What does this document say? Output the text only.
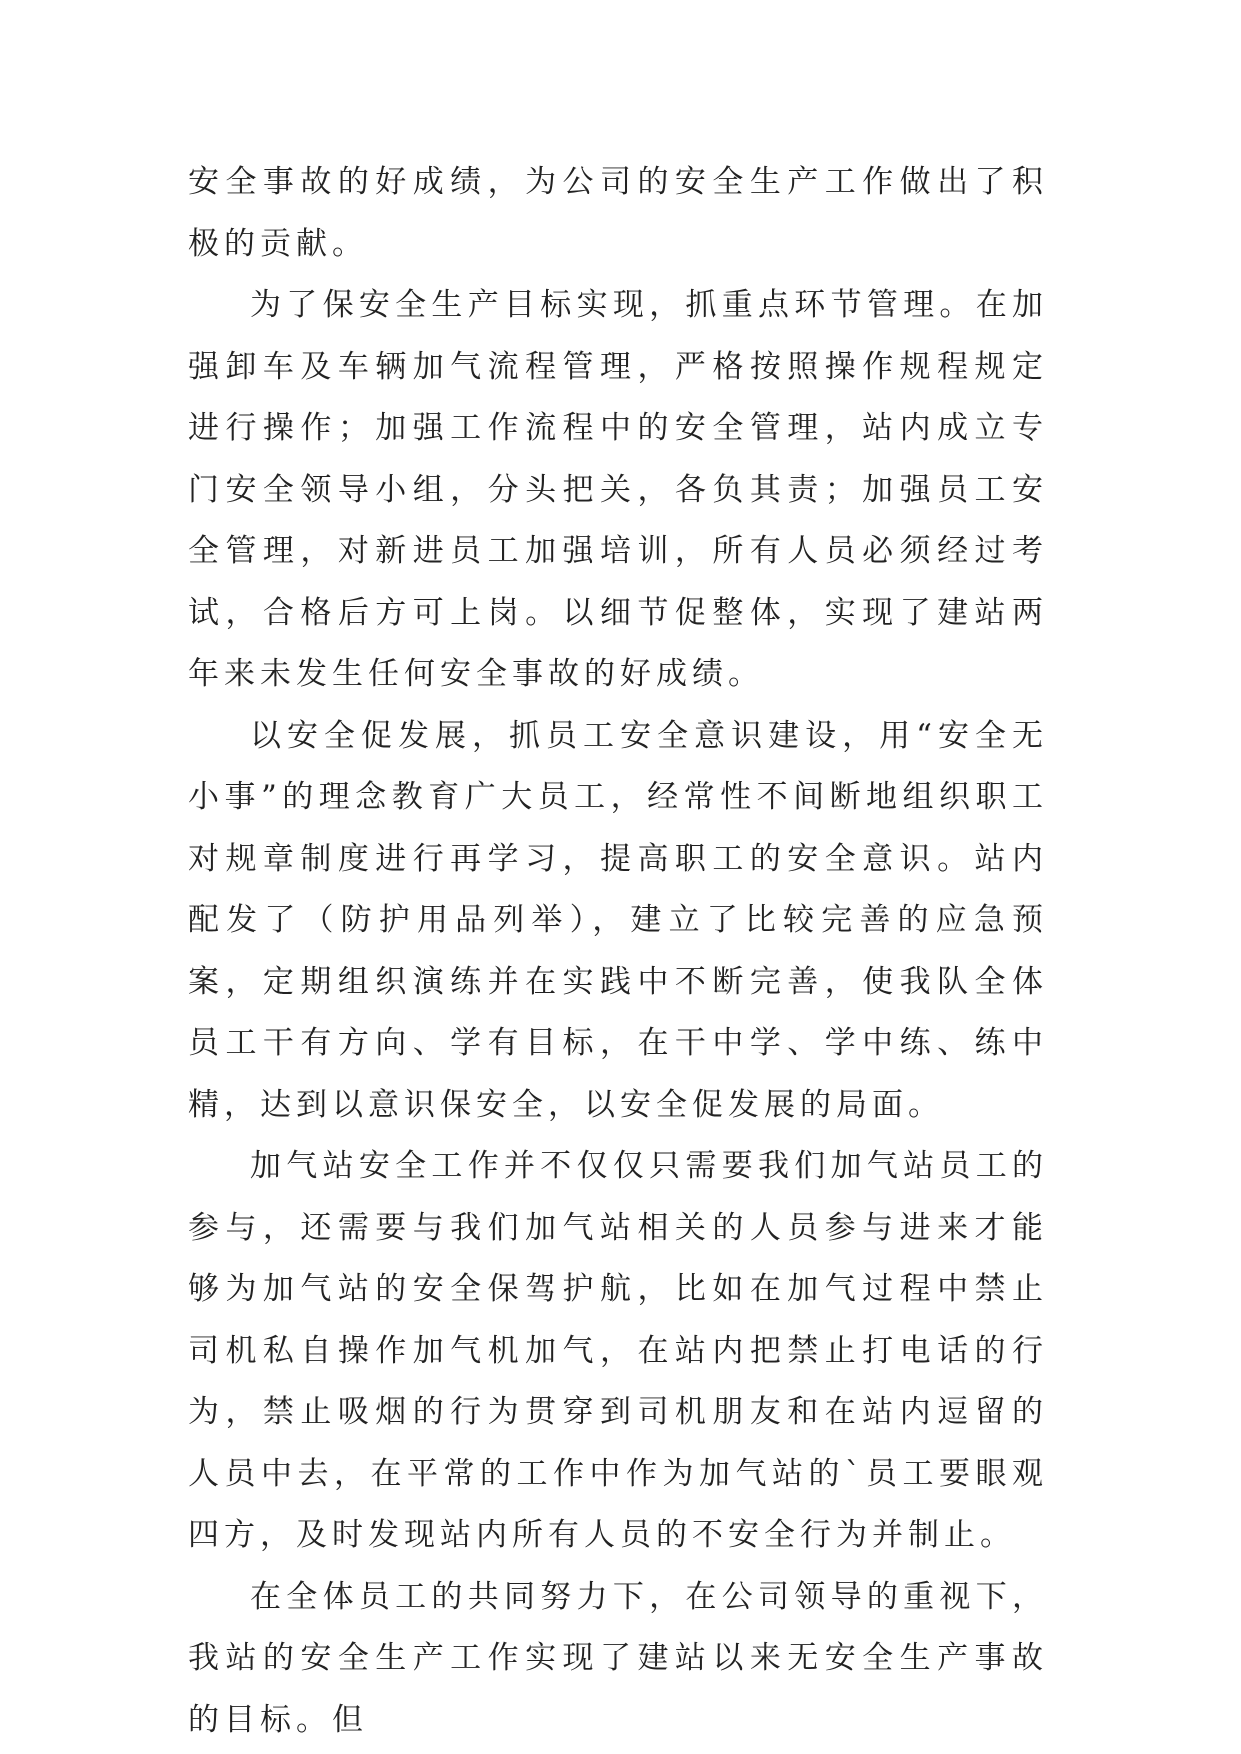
安全事故的好成绩，为公司的安全生产工作做出了积极的贡献。

为了保安全生产目标实现，抓重点环节管理。在加强卸车及车辆加气流程管理，严格按照操作规程规定进行操作；加强工作流程中的安全管理，站内成立专门安全领导小组，分头把关，各负其责；加强员工安全管理，对新进员工加强培训，所有人员必须经过考试，合格后方可上岗。以细节促整体，实现了建站两年来未发生任何安全事故的好成绩。

以安全促发展，抓员工安全意识建设，用“安全无小事”的理念教育广大员工，经常性不间断地组织职工对规章制度进行再学习，提高职工的安全意识。站内配发了（防护用品列举），建立了比较完善的应急预案，定期组织演练并在实践中不断完善，使我队全体员工干有方向、学有目标，在干中学、学中练、练中精，达到以意识保安全，以安全促发展的局面。

加气站安全工作并不仅仅只需要我们加气站员工的参与，还需要与我们加气站相关的人员参与进来才能够为加气站的安全保驾护航，比如在加气过程中禁止司机私自操作加气机加气，在站内把禁止打电话的行为，禁止吸烟的行为贯穿到司机朋友和在站内逗留的人员中去，在平常的工作中作为加气站的`员工要眼观四方，及时发现站内所有人员的不安全行为并制止。

在全体员工的共同努力下，在公司领导的重视下，我站的安全生产工作实现了建站以来无安全生产事故的目标。但
